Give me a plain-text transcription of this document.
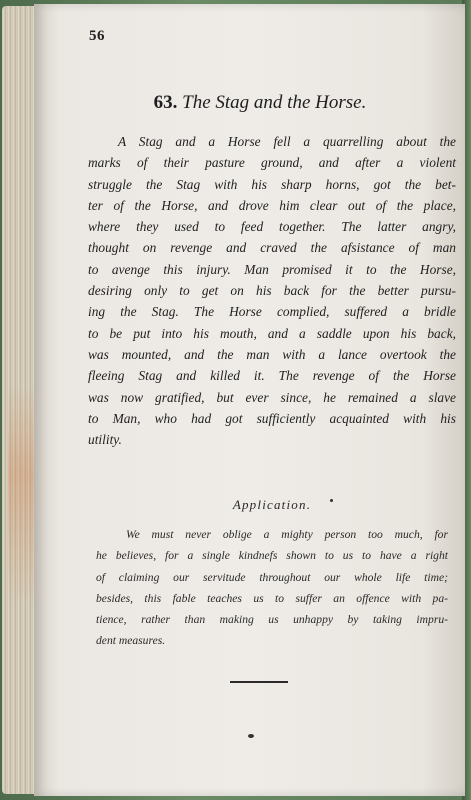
56
63. The Stag and the Horse.
A Stag and a Horse fell a quarrelling about the
marks of their pasture ground, and after a violent
struggle the Stag with his sharp horns, got the bet-
ter of the Horse, and drove him clear out of the place,
where they used to feed together. The latter angry,
thought on revenge and craved the afsistance of man
to avenge this injury. Man promised it to the Horse,
desiring only to get on his back for the better pursu-
ing the Stag. The Horse complied, suffered a bridle
to be put into his mouth, and a saddle upon his back,
was mounted, and the man with a lance overtook the
fleeing Stag and killed it. The revenge of the Horse
was now gratified, but ever since, he remained a slave
to Man, who had got sufficiently acquainted with his
utility.
Application.
We must never oblige a mighty person too much, for
he believes, for a single kindnefs shown to us to have a right
of claiming our servitude throughout our whole life time;
besides, this fable teaches us to suffer an offence with pa-
tience, rather than making us unhappy by taking impru-
dent measures.
